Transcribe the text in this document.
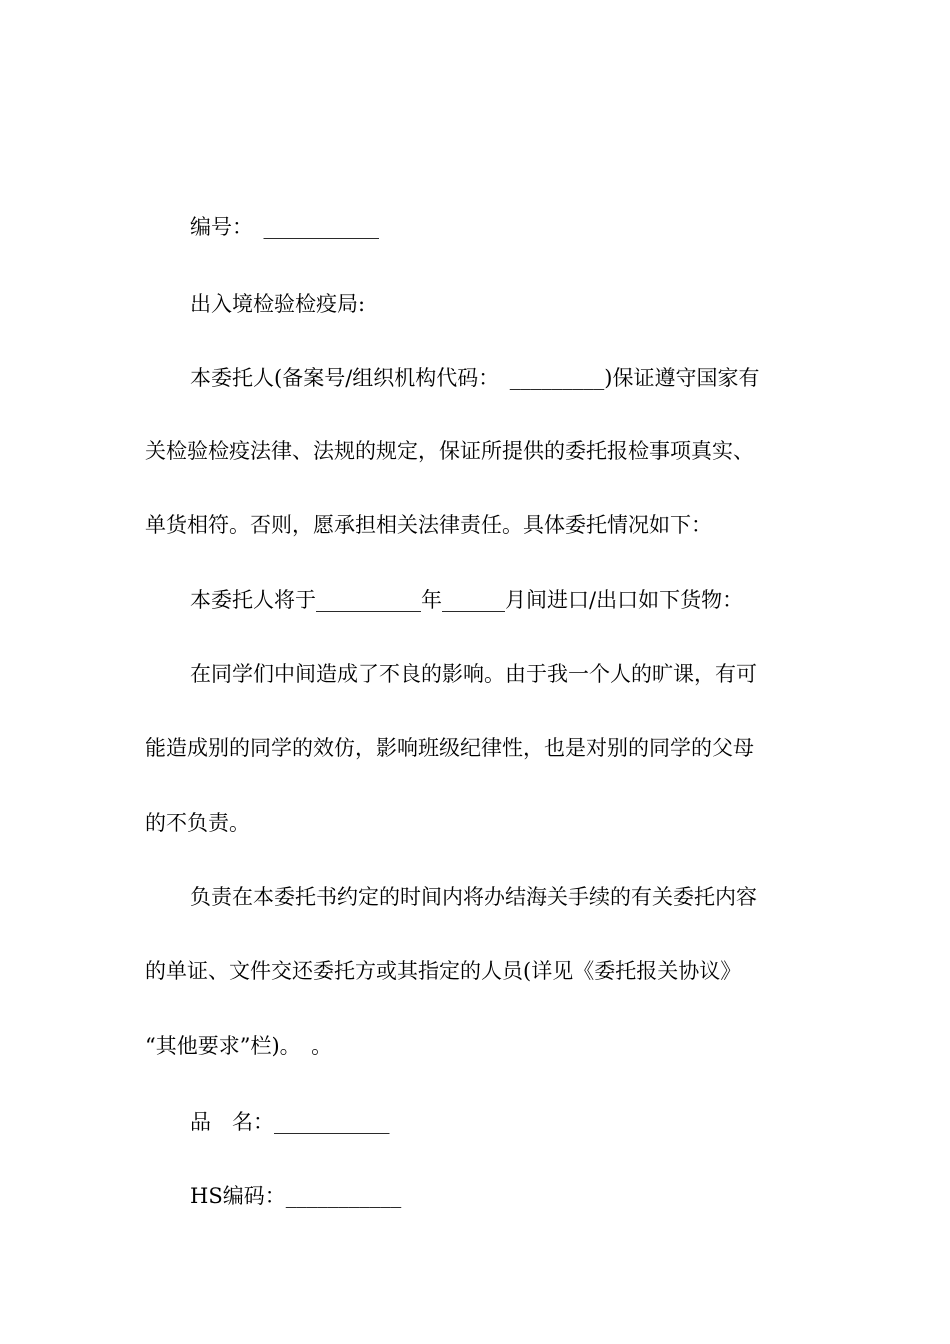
编号：　___________
出入境检验检疫局:
本委托人(备案号/组织机构代码：　_________)保证遵守国家有
关检验检疫法律、法规的规定，保证所提供的委托报检事项真实、
单货相符。否则，愿承担相关法律责任。具体委托情况如下：
本委托人将于__________年______月间进口/出口如下货物：
在同学们中间造成了不良的影响。由于我一个人的旷课，有可
能造成别的同学的效仿，影响班级纪律性，也是对别的同学的父母
的不负责。
负责在本委托书约定的时间内将办结海关手续的有关委托内容
的单证、文件交还委托方或其指定的人员(详见《委托报关协议》
“其他要求”栏)。　。
品　名：___________
HS编码：___________
